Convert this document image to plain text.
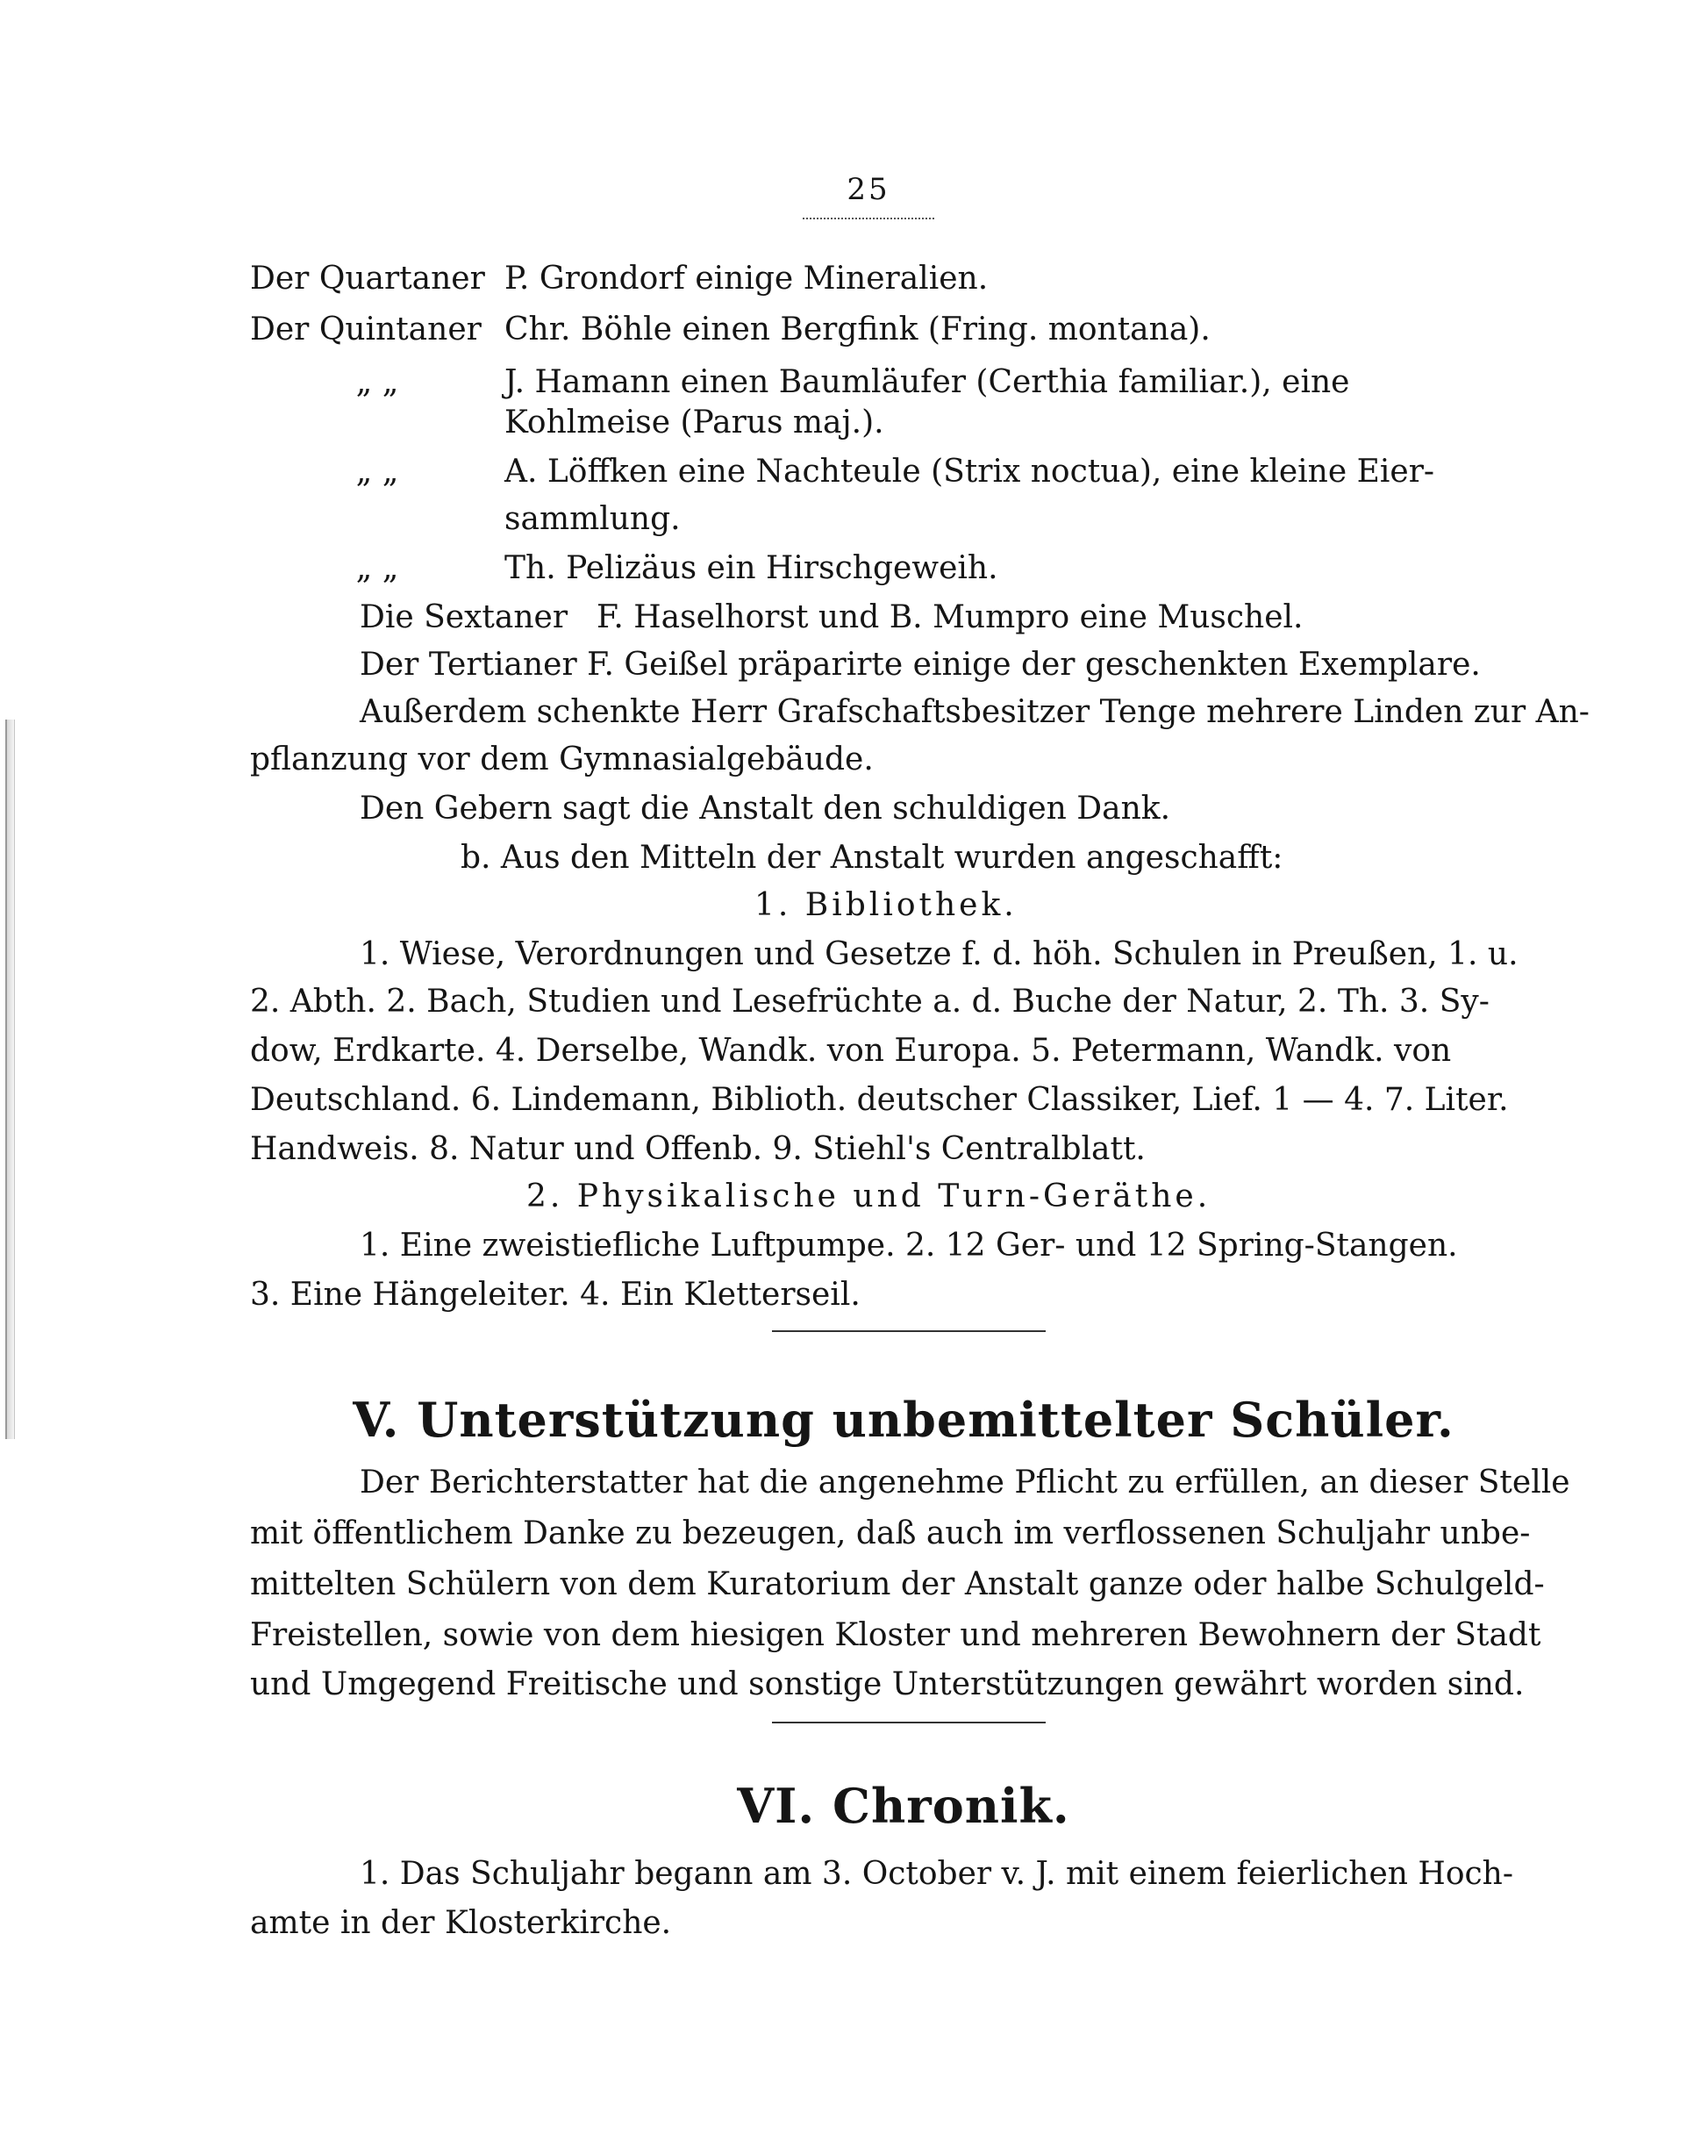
25
Der Quartaner P. Grondorf einige Mineralien.
Der Quintaner Chr. Böhle einen Bergfink (Fring. montana).
„ „	J. Hamann einen Baumläufer (Certhia familiar.), eine
Kohlmeise (Parus maj.).
„ „	A. Löffken eine Nachteule (Strix noctua), eine kleine Eier-
sammlung.
„ „	Th. Pelizäus ein Hirschgeweih.
Die Sextaner F. Haselhorst und B. Mumpro eine Muschel.
Der Tertianer F. Geißel präparirte einige der geschenkten Exemplare.
Außerdem schenkte Herr Grafschaftsbesitzer Tenge mehrere Linden zur An-
pflanzung vor dem Gymnasialgebäude.
Den Gebern sagt die Anstalt den schuldigen Dank.
b. Aus den Mitteln der Anstalt wurden angeschafft:
1. Bibliothek.
1. Wiese, Verordnungen und Gesetze f. d. höh. Schulen in Preußen, 1. u.
2. Abth. 2. Bach, Studien und Lesefrüchte a. d. Buche der Natur, 2. Th. 3. Sy-
dow, Erdkarte. 4. Derselbe, Wandk. von Europa. 5. Petermann, Wandk. von
Deutschland. 6. Lindemann, Biblioth. deutscher Classiker, Lief. 1 — 4. 7. Liter.
Handweis. 8. Natur und Offenb. 9. Stiehl's Centralblatt.
2. Physikalische und Turn-Geräthe.
1. Eine zweistiefliche Luftpumpe. 2. 12 Ger- und 12 Spring-Stangen.
3. Eine Hängeleiter. 4. Ein Kletterseil.
V. Unterstützung unbemittelter Schüler.
Der Berichterstatter hat die angenehme Pflicht zu erfüllen, an dieser Stelle
mit öffentlichem Danke zu bezeugen, daß auch im verflossenen Schuljahr unbe-
mittelten Schülern von dem Kuratorium der Anstalt ganze oder halbe Schulgeld-
Freistellen, sowie von dem hiesigen Kloster und mehreren Bewohnern der Stadt
und Umgegend Freitische und sonstige Unterstützungen gewährt worden sind.
VI. Chronik.
1. Das Schuljahr begann am 3. October v. J. mit einem feierlichen Hoch-
amte in der Klosterkirche.
